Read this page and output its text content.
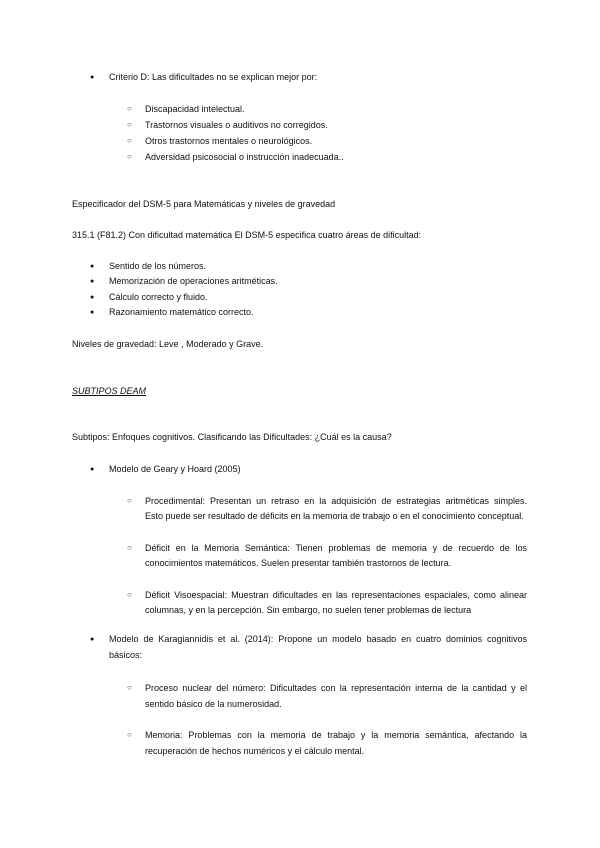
● Criterio D: Las dificultades no se explican mejor por:
○ Discapacidad intelectual.
○ Trastornos visuales o auditivos no corregidos.
○ Otros trastornos mentales o neurológicos.
○ Adversidad psicosocial o instrucción inadecuada..
Especificador del DSM-5 para Matemáticas y niveles de gravedad
315.1 (F81.2) Con dificultad matemática El DSM-5 especifica cuatro áreas de dificultad:
● Sentido de los números.
● Memorización de operaciones aritméticas.
● Cálculo correcto y fluido.
● Razonamiento matemático correcto.
Niveles de gravedad: Leve , Moderado y Grave.
SUBTIPOS DEAM
Subtipos: Enfoques cognitivos. Clasificando las Dificultades: ¿Cuál es la causa?
● Modelo de Geary y Hoard (2005)
○ Procedimental: Presentan un retraso en la adquisición de estrategias aritméticas simples.
Esto puede ser resultado de déficits en la memoria de trabajo o en el conocimiento conceptual.
○ Déficit en la Memoria Semántica: Tienen problemas de memoria y de recuerdo de los
conocimientos matemáticos. Suelen presentar también trastornos de lectura.
○ Déficit Visoespacial: Muestran dificultades en las representaciones espaciales, como alinear
columnas, y en la percepción. Sin embargo, no suelen tener problemas de lectura
● Modelo de Karagiannidis et al. (2014): Propone un modelo basado en cuatro dominios cognitivos
básicos:
○ Proceso nuclear del número: Dificultades con la representación interna de la cantidad y el
sentido básico de la numerosidad.
○ Memoria: Problemas con la memoria de trabajo y la memoria semántica, afectando la
recuperación de hechos numéricos y el cálculo mental.
